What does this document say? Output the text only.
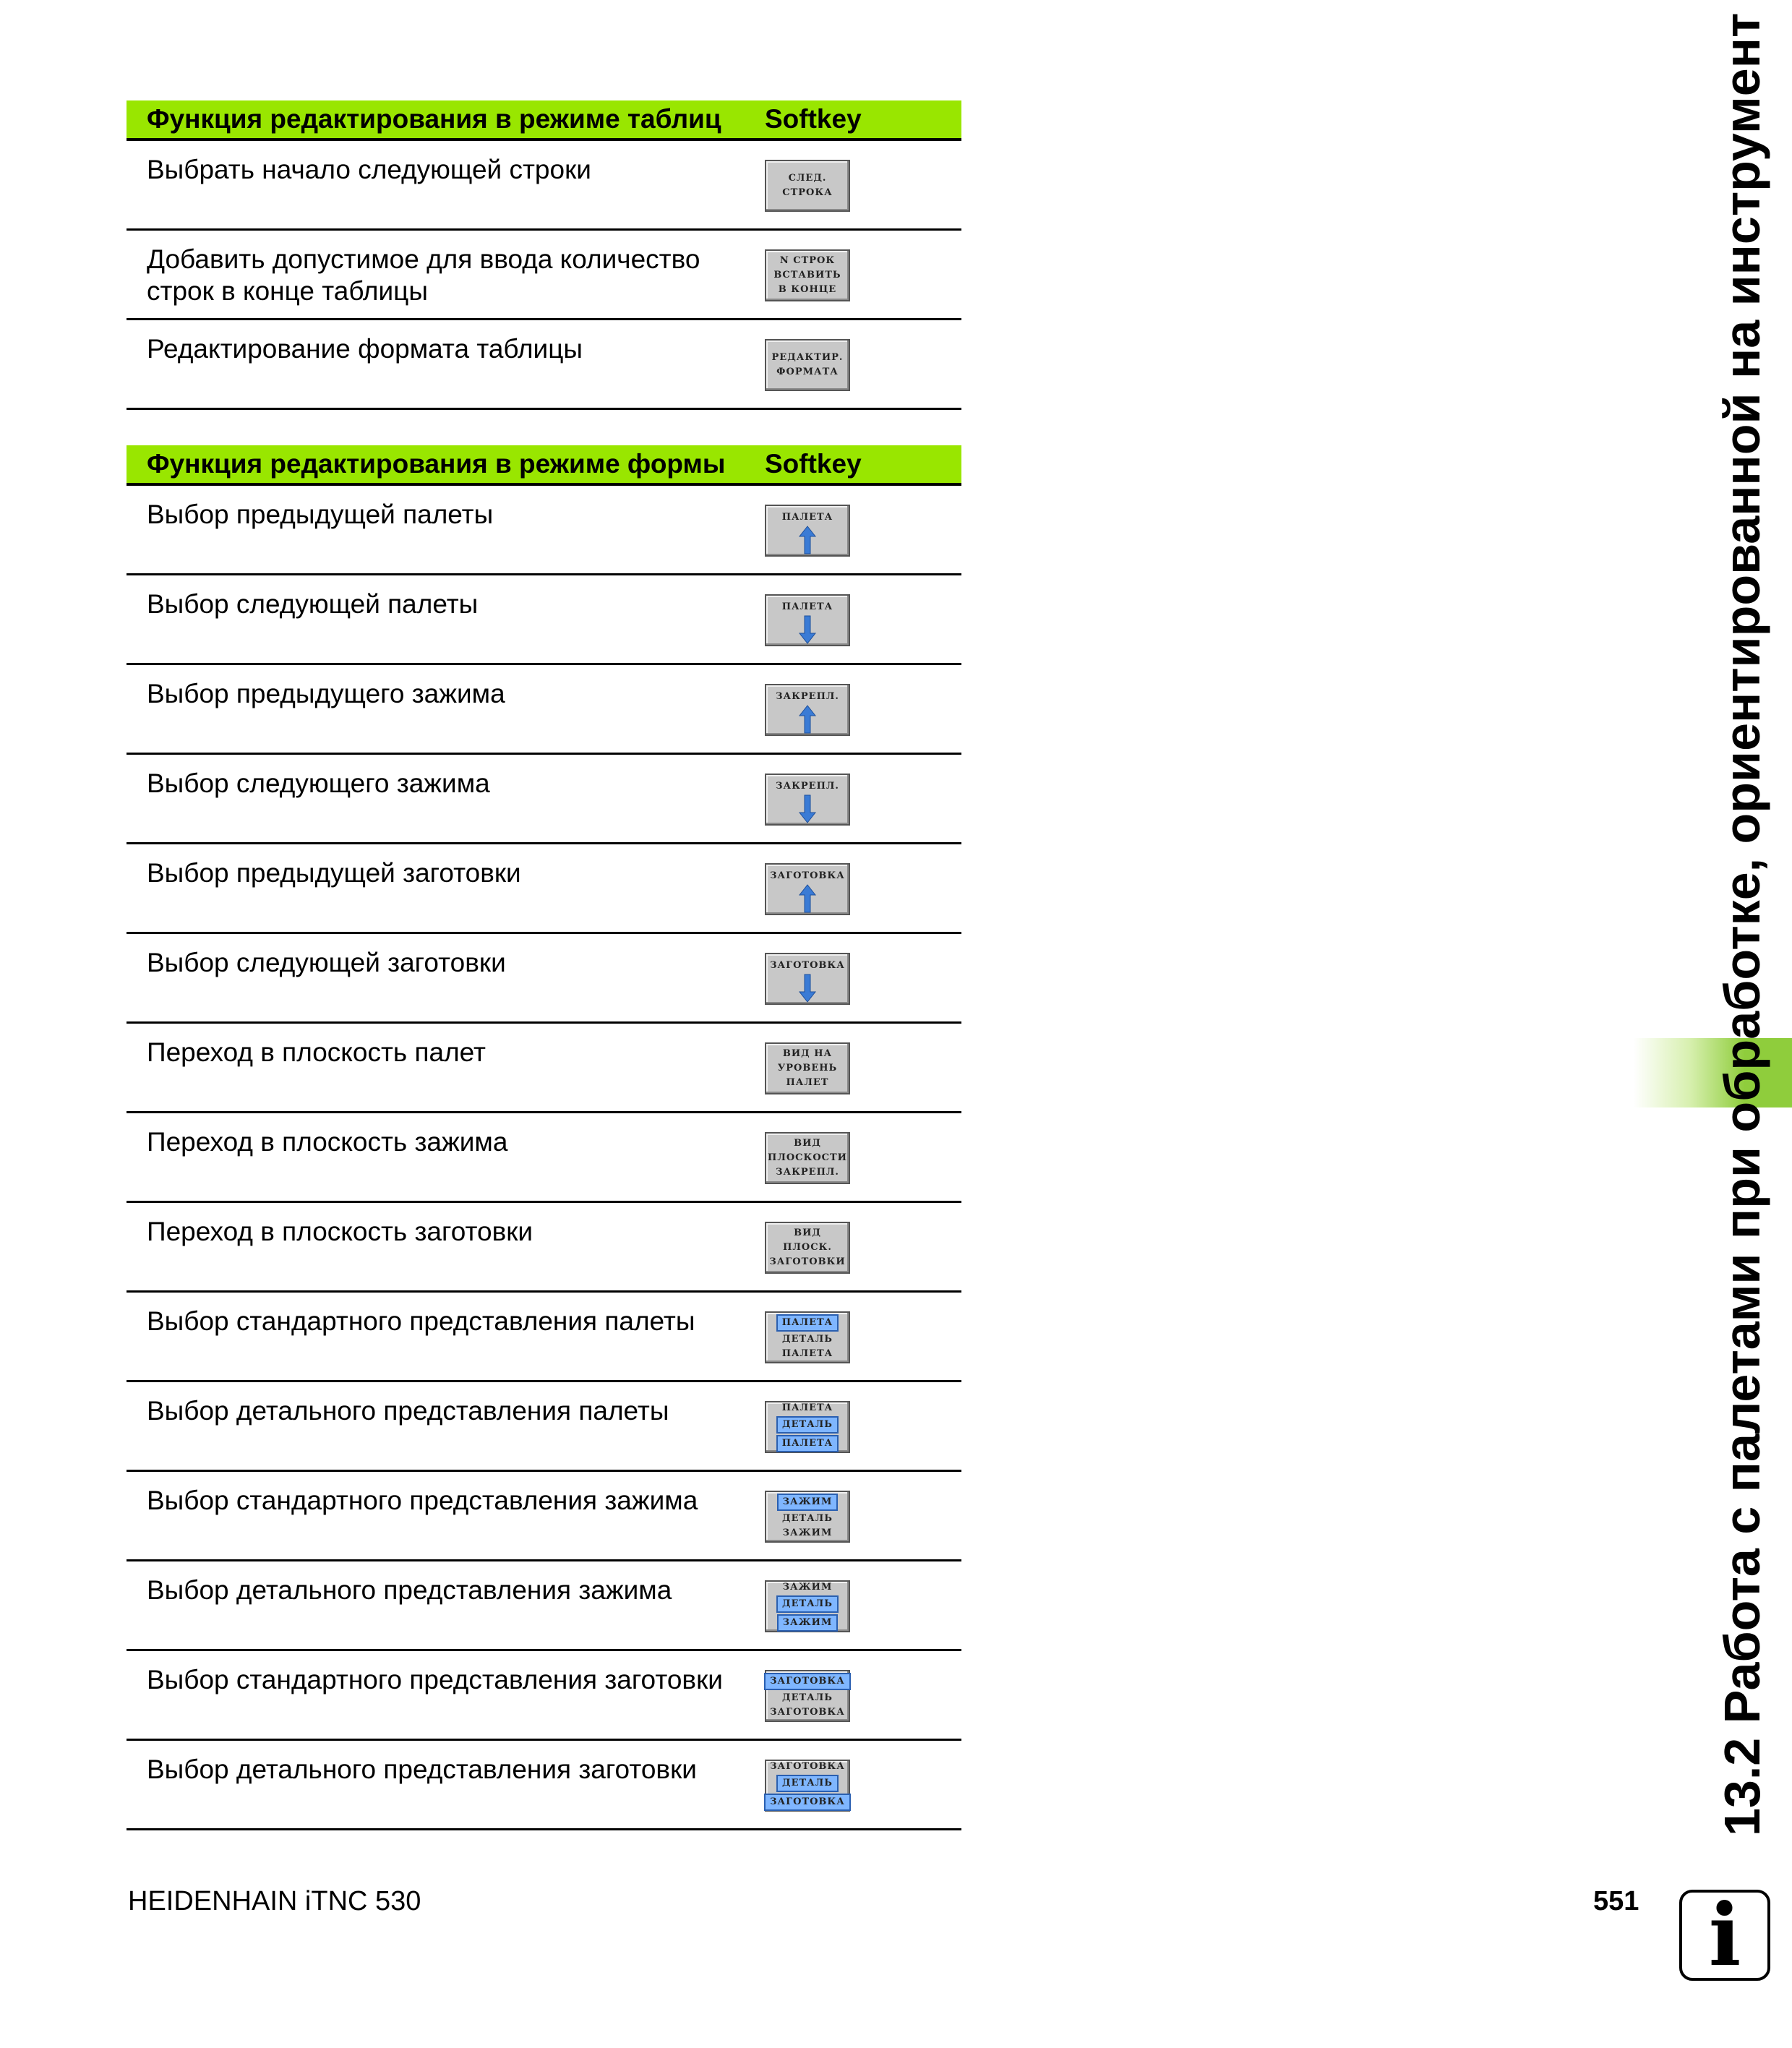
Функция редактирования в режиме таблиц Softkey
Выбрать начало следующей строки	СЛЕД.
СТРОКА
Добавить допустимое для ввода количество строк в конце таблицы
N СТРОК
ВСТАВИТЬ
В КОНЦЕ
Редактирование формата таблицы	РЕДАКТИР.
ФОРМАТА
Функция редактирования в режиме формы Softkey
Выбор предыдущей палеты	ПАЛЕТА
Выбор следующей палеты	ПАЛЕТА
Выбор предыдущего зажима	ЗАКРЕПЛ.
Выбор следующего зажима	ЗАКРЕПЛ.
Выбор предыдущей заготовки	ЗАГОТОВКА
Выбор следующей заготовки	ЗАГОТОВКА
Переход в плоскость палет	ВИД НА
УРОВЕНЬ
ПАЛЕТ
Переход в плоскость зажима	ВИД
ПЛОСКОСТИ
ЗАКРЕПЛ.
Переход в плоскость заготовки	ВИД
ПЛОСК.
ЗАГОТОВКИ
Выбор стандартного представления палеты	ПАЛЕТА
ДЕТАЛЬ
ПАЛЕТА
Выбор детального представления палеты	ПАЛЕТА
ДЕТАЛЬ
ПАЛЕТА
Выбор стандартного представления зажима	ЗАЖИМ
ДЕТАЛЬ
ЗАЖИМ
Выбор детального представления зажима	ЗАЖИМ
ДЕТАЛЬ
ЗАЖИМ
Выбор стандартного представления заготовки	ЗАГОТОВКА
ДЕТАЛЬ
ЗАГОТОВКА
Выбор детального представления заготовки	ЗАГОТОВКА
ДЕТАЛЬ
ЗАГОТОВКА	13.2 Работа с палетами при обработке, ориентированной на инструмент
HEIDENHAIN iTNC 530	551 i
